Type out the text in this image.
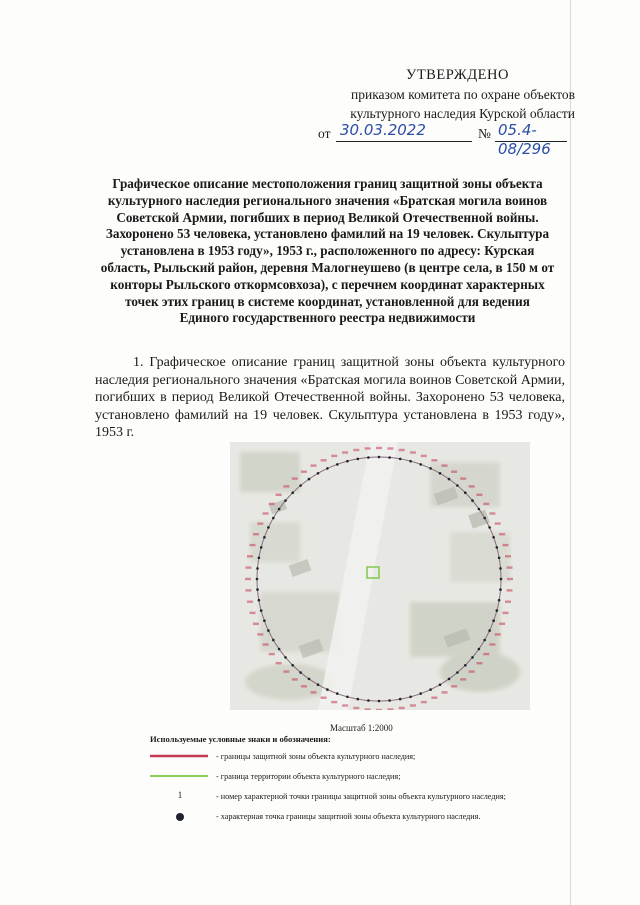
УТВЕРЖДЕНО
приказом комитета по охране объектов
культурного наследия Курской области
от 30.03.2022	№ 05.4-08/296
Графическое описание местоположения границ защитной зоны объекта культурного наследия регионального значения «Братская могила воинов Советской Армии, погибших в период Великой Отечественной войны. Захоронено 53 человека, установлено фамилий на 19 человек. Скульптура установлена в 1953 году», 1953 г., расположенного по адресу: Курская область, Рыльский район, деревня Малогнеушево (в центре села, в 150 м от конторы Рыльского откормсовхоза), с перечнем координат характерных точек этих границ в системе координат, установленной для ведения Единого государственного реестра недвижимости
1. Графическое описание границ защитной зоны объекта культурного наследия регионального значения «Братская могила воинов Советской Армии, погибших в период Великой Отечественной войны. Захоронено 53 человека, установлено фамилий на 19 человек. Скульптура установлена в 1953 году», 1953 г.
Масштаб 1:2000
Используемые условные знаки и обозначения:
- границы защитной зоны объекта культурного наследия;
- граница территории объекта культурного наследия;
1	- номер характерной точки границы защитной зоны объекта культурного наследия;
- характерная точка границы защитной зоны объекта культурного наследия.
